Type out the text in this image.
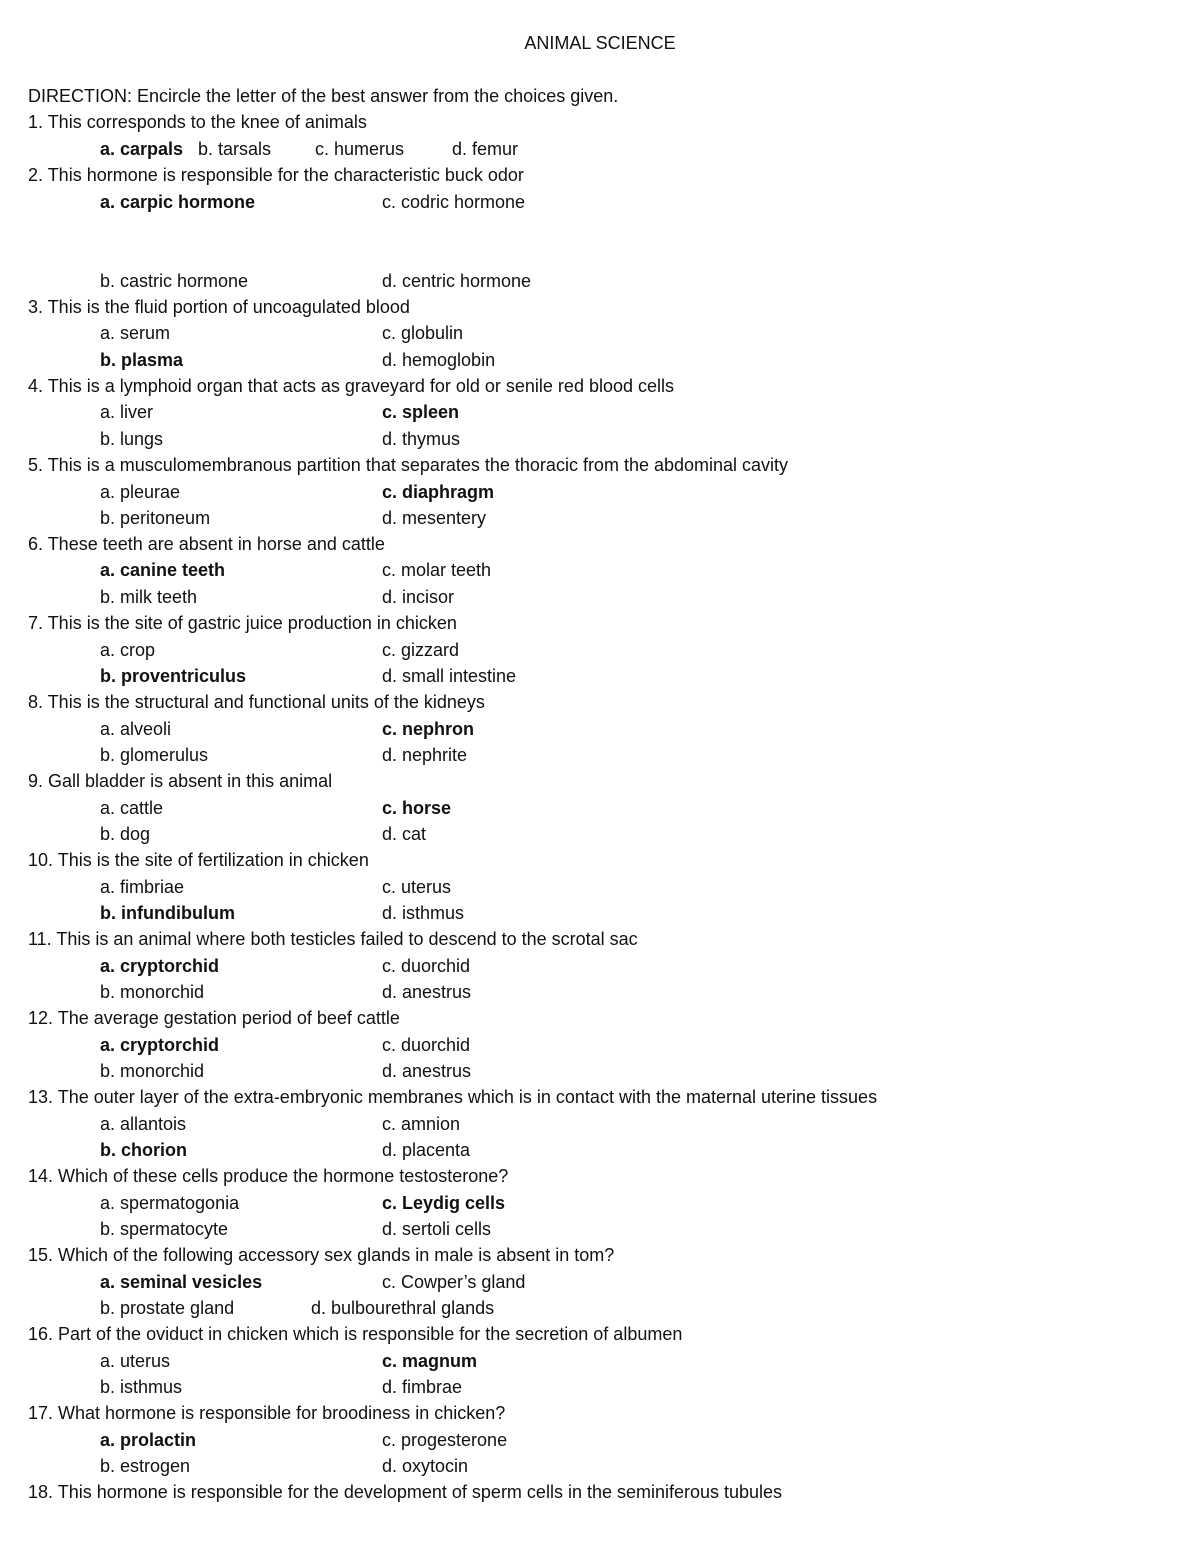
ANIMAL SCIENCE
DIRECTION: Encircle the letter of the best answer from the choices given.
1. This corresponds to the knee of animals
a. carpals b. tarsals c. humerus	d. femur
2. This hormone is responsible for the characteristic buck odor
a. carpic hormone	c. codric hormone
b. castric hormone	d. centric hormone
3. This is the fluid portion of uncoagulated blood
a. serum	c. globulin
b. plasma	d. hemoglobin
4. This is a lymphoid organ that acts as graveyard for old or senile red blood cells
a. liver	c. spleen
b. lungs	d. thymus
5. This is a musculomembranous partition that separates the thoracic from the abdominal cavity
a. pleurae	c. diaphragm
b. peritoneum	d. mesentery
6. These teeth are absent in horse and cattle
a. canine teeth	c. molar teeth
b. milk teeth	d. incisor
7. This is the site of gastric juice production in chicken
a. crop	c. gizzard
b. proventriculus	d. small intestine
8. This is the structural and functional units of the kidneys
a. alveoli	c. nephron
b. glomerulus	d. nephrite
9. Gall bladder is absent in this animal
a. cattle	c. horse
b. dog	d. cat
10. This is the site of fertilization in chicken
a. fimbriae	c. uterus
b. infundibulum	d. isthmus
11. This is an animal where both testicles failed to descend to the scrotal sac
a. cryptorchid	c. duorchid
b. monorchid	d. anestrus
12. The average gestation period of beef cattle
a. cryptorchid	c. duorchid
b. monorchid	d. anestrus
13. The outer layer of the extra-embryonic membranes which is in contact with the maternal uterine tissues
a. allantois	c. amnion
b. chorion	d. placenta
14. Which of these cells produce the hormone testosterone?
a. spermatogonia	c. Leydig cells
b. spermatocyte	d. sertoli cells
15. Which of the following accessory sex glands in male is absent in tom?
a. seminal vesicles	c. Cowper’s gland
b. prostate gland	d. bulbourethral glands
16. Part of the oviduct in chicken which is responsible for the secretion of albumen
a. uterus	c. magnum
b. isthmus	d. fimbrae
17. What hormone is responsible for broodiness in chicken?
a. prolactin	c. progesterone
b. estrogen	d. oxytocin
18. This hormone is responsible for the development of sperm cells in the seminiferous tubules
